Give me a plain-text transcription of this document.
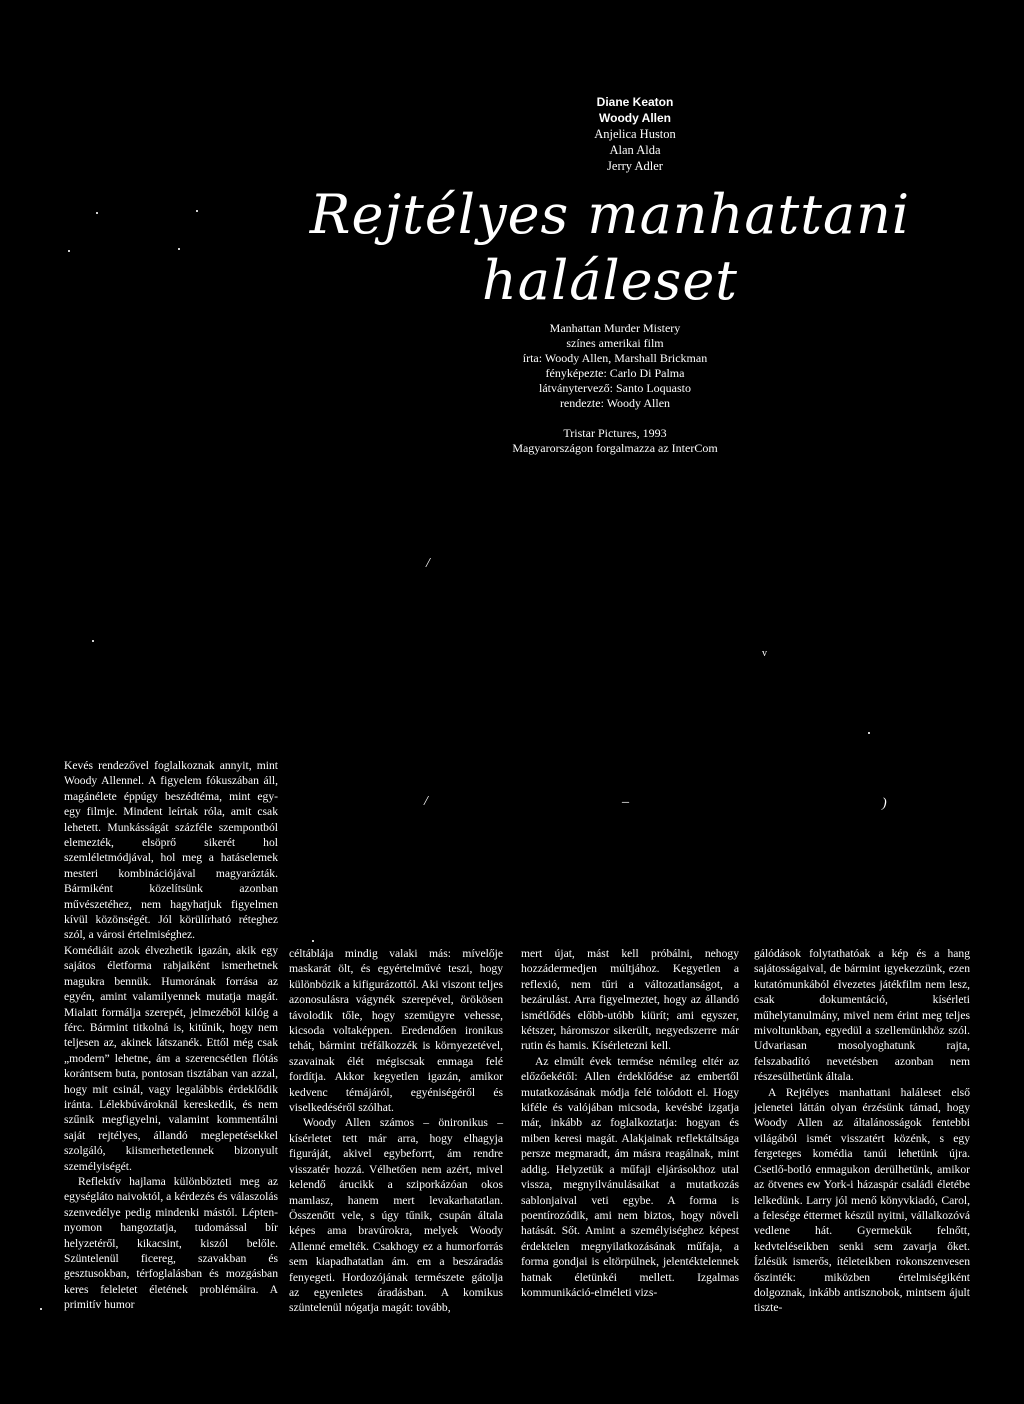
Diane Keaton
Woody Allen
Anjelica Huston
Alan Alda
Jerry Adler
Rejtélyes manhattani
haláleset
Manhattan Murder Mistery
színes amerikai film
írta: Woody Allen, Marshall Brickman
fényképezte: Carlo Di Palma
látványtervező: Santo Loquasto
rendezte: Woody Allen
Tristar Pictures, 1993
Magyarországon forgalmazza az InterCom
/
/	)
_
v

Kevés rendezővel foglalkoznak annyit, mint Woody Allennel. A figyelem fókuszában áll, magánélete éppúgy beszédtéma, mint egy-egy filmje. Mindent leírtak róla, amit csak lehetett. Munkásságát százféle szempontból elemezték, elsöprő sikerét hol szemléletmódjával, hol meg a hatáselemek mesteri kombinációjával magyarázták. Bármiként közelítsünk azonban művészetéhez, nem hagyhatjuk figyelmen kívül közönségét. Jól körülírható réteghez szól, a városi értelmiséghez.

Komédiáit azok élvezhetik igazán, akik egy sajátos életforma rabjaiként ismerhetnek magukra bennük. Humorának forrása az egyén, amint valamilyennek mutatja magát. Mialatt formálja szerepét, jelmezéből kilóg a férc. Bármint titkolná is, kitűnik, hogy nem teljesen az, akinek látszanék. Ettől még csak „modern” lehetne, ám a szerencsétlen flótás korántsem buta, pontosan tisztában van azzal, hogy mit csinál, vagy legalábbis érdeklődik iránta. Lélekbúvároknál kereskedik, és nem szűnik megfigyelni, valamint kommentálni saját rejtélyes, állandó meglepetésekkel szolgáló, kiismerhetetlennek bizonyult személyiségét.

Reflektív hajlama különbözteti meg az egységláto naivoktól, a kérdezés és válaszolás szenvedélye pedig mindenki mástól. Lépten-nyomon hangoztatja, tudomással bír helyzetéről, kikacsint, kiszól belőle. Szüntelenül ficereg, szavakban és gesztusokban, térfoglalásban és mozgásban keres feleletet életének problémáira. A primitív humor

céltáblája mindig valaki más: mívelője maskarát ölt, és egyértelművé teszi, hogy különbözik a kifigurázottól. Aki viszont teljes azonosulásra vágynék szerepével, örökösen távolodik tőle, hogy szemügyre vehesse, kicsoda voltaképpen. Eredendően ironikus tehát, bármint tréfálkozzék is környezetével, szavainak élét mégiscsak enmaga felé fordítja. Akkor kegyetlen igazán, amikor kedvenc témájáról, egyéniségéről és viselkedéséről szólhat.

Woody Allen számos – önironikus – kísérletet tett már arra, hogy elhagyja figuráját, akivel egybeforrt, ám rendre visszatér hozzá. Vélhetően nem azért, mivel kelendő árucikk a sziporkázóan okos mamlasz, hanem mert levakarhatatlan. Összenőtt vele, s úgy tűnik, csupán általa képes ama bravúrokra, melyek Woody Allenné emelték. Csakhogy ez a humorforrás sem kiapadhatatlan ám. em a beszáradás fenyegeti. Hordozójának természete gátolja az egyenletes áradásban. A komikus szüntelenül nógatja magát: tovább,

mert újat, mást kell próbálni, nehogy hozzádermedjen múltjához. Kegyetlen a reflexió, nem tűri a változatlanságot, a bezárulást. Arra figyelmeztet, hogy az állandó ismétlődés előbb-utóbb kiürít; ami egyszer, kétszer, háromszor sikerült, negyedszerre már rutin és hamis. Kísérletezni kell.

Az elmúlt évek termése némileg eltér az előzőekétől: Allen érdeklődése az embertől mutatkozásának módja felé tolódott el. Hogy kiféle és valójában micsoda, kevésbé izgatja már, inkább az foglalkoztatja: hogyan és miben keresi magát. Alakjainak reflektáltsága persze megmaradt, ám másra reagálnak, mint addig. Helyzetük a műfaji eljárásokhoz utal vissza, megnyilvánulásaikat a mutatkozás sablonjaival veti egybe. A forma is poentírozódik, ami nem biztos, hogy növeli hatását. Sőt. Amint a személyiséghez képest érdektelen megnyilatkozásának műfaja, a forma gondjai is eltörpülnek, jelentéktelennek hatnak életünkéi mellett. Izgalmas kommunikáció-elméleti vizs-

gálódások folytathatóak a kép és a hang sajátosságaival, de bármint igyekezzünk, ezen kutatómunkából élvezetes játékfilm nem lesz, csak dokumentáció, kísérleti műhelytanulmány, mivel nem érint meg teljes mivoltunkban, egyedül a szellemünkhöz szól. Udvariasan mosolyoghatunk rajta, felszabadító nevetésben azonban nem részesülhetünk általa.

A Rejtélyes manhattani haláleset első jelenetei láttán olyan érzésünk támad, hogy Woody Allen az általánosságok fentebbi világából ismét visszatért közénk, s egy fergeteges komédia tanúi lehetünk újra. Csetlő-botló enmagukon derülhetünk, amikor az ötvenes ew York-i házaspár családi életébe lelkedünk. Larry jól menő könyvkiadó, Carol, a felesége éttermet készül nyitni, vállalkozóvá vedlene hát. Gyermekük felnőtt, kedvteléseikben senki sem zavarja őket. Ízlésük ismerős, ítéleteikben rokonszenvesen őszinték: miközben értelmiségiként dolgoznak, inkább antisznobok, mintsem ájult tiszte-
